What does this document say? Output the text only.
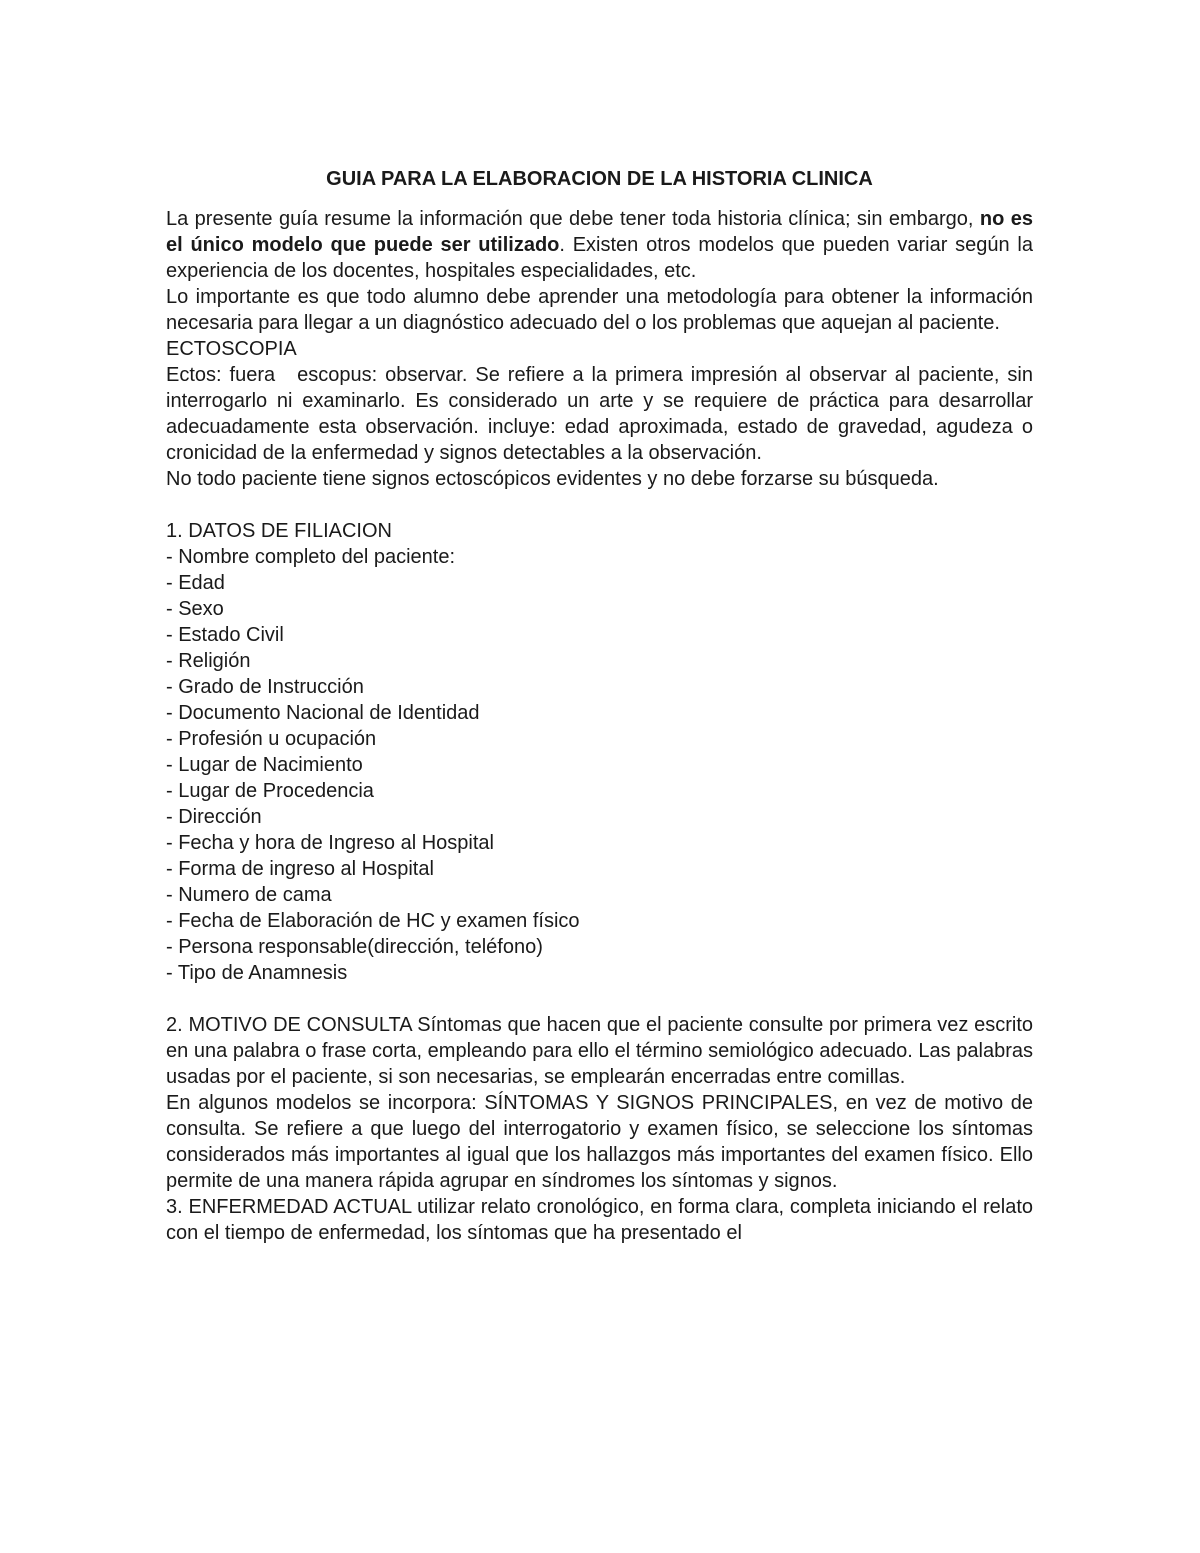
GUIA PARA LA ELABORACION DE LA HISTORIA CLINICA

La presente guía resume la información que debe tener toda historia clínica; sin embargo, no es el único modelo que puede ser utilizado. Existen otros modelos que pueden variar según la experiencia de los docentes, hospitales especialidades, etc.

Lo importante es que todo alumno debe aprender una metodología para obtener la información necesaria para llegar a un diagnóstico adecuado del o los problemas que aquejan al paciente.

ECTOSCOPIA

Ectos: fuera escopus: observar. Se refiere a la primera impresión al observar al paciente, sin interrogarlo ni examinarlo. Es considerado un arte y se requiere de práctica para desarrollar adecuadamente esta observación. incluye: edad aproximada, estado de gravedad, agudeza o cronicidad de la enfermedad y signos detectables a la observación.

No todo paciente tiene signos ectoscópicos evidentes y no debe forzarse su búsqueda.

1. DATOS DE FILIACION

- Nombre completo del paciente:

- Edad

- Sexo

- Estado Civil

- Religión

- Grado de Instrucción

- Documento Nacional de Identidad

- Profesión u ocupación

- Lugar de Nacimiento

- Lugar de Procedencia

- Dirección

- Fecha y hora de Ingreso al Hospital

- Forma de ingreso al Hospital

- Numero de cama

- Fecha de Elaboración de HC y examen físico

- Persona responsable(dirección, teléfono)

- Tipo de Anamnesis

2. MOTIVO DE CONSULTA Síntomas que hacen que el paciente consulte por primera vez escrito en una palabra o frase corta, empleando para ello el término semiológico adecuado. Las palabras usadas por el paciente, si son necesarias, se emplearán encerradas entre comillas.

En algunos modelos se incorpora: SÍNTOMAS Y SIGNOS PRINCIPALES, en vez de motivo de consulta. Se refiere a que luego del interrogatorio y examen físico, se seleccione los síntomas considerados más importantes al igual que los hallazgos más importantes del examen físico. Ello permite de una manera rápida agrupar en síndromes los síntomas y signos.

3. ENFERMEDAD ACTUAL utilizar relato cronológico, en forma clara, completa iniciando el relato con el tiempo de enfermedad, los síntomas que ha presentado el
